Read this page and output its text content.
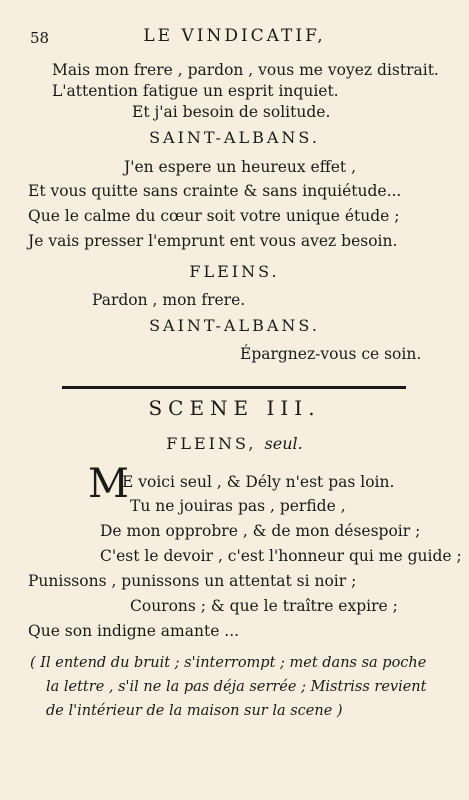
58	LE VINDICATIF,
Mais mon frere , pardon , vous me voyez distrait.
L'attention fatigue un esprit inquiet.
Et j'ai besoin de solitude.
SAINT-ALBANS.
J'en espere un heureux effet ,
Et vous quitte sans crainte & sans inquiétude...
Que le calme du cœur soit votre unique étude ;
Je vais presser l'emprunt ent vous avez besoin.
FLEINS.
Pardon , mon frere.
SAINT-ALBANS.
Épargnez-vous ce soin.
SCENE III.
FLEINS, seul.
M
E voici seul , & Dély n'est pas loin.
Tu ne jouiras pas , perfide ,
De mon opprobre , & de mon désespoir ;
C'est le devoir , c'est l'honneur qui me guide ;
Punissons , punissons un attentat si noir ;
Courons ; & que le traître expire ;
Que son indigne amante ...
( Il entend du bruit ; s'interrompt ; met dans sa poche
la lettre , s'il ne la pas déja serrée ; Mistriss revient
de l'intérieur de la maison sur la scene )
